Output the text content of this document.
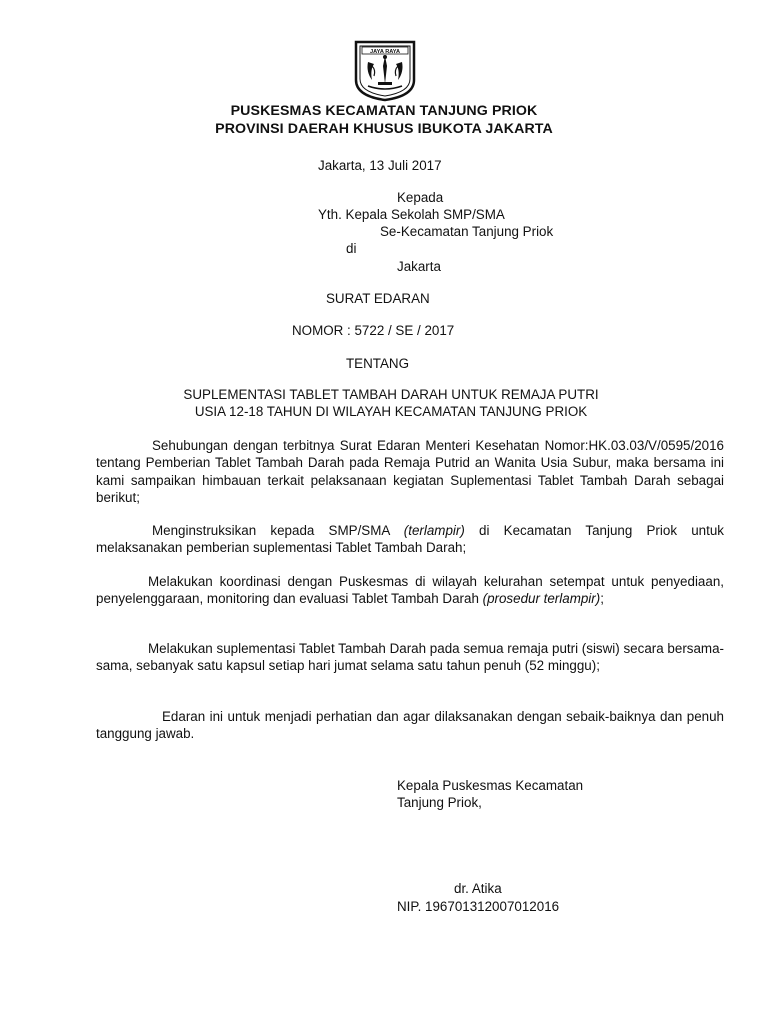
JAYA RAYA
PUSKESMAS KECAMATAN TANJUNG PRIOK
PROVINSI DAERAH KHUSUS IBUKOTA JAKARTA
Jakarta, 13 Juli 2017
Kepada
Yth. Kepala Sekolah SMP/SMA
Se-Kecamatan Tanjung Priok
di
Jakarta
SURAT EDARAN
NOMOR : 5722 / SE / 2017
TENTANG
SUPLEMENTASI TABLET TAMBAH DARAH UNTUK REMAJA PUTRI
USIA 12-18 TAHUN DI WILAYAH KECAMATAN TANJUNG PRIOK
Sehubungan dengan terbitnya Surat Edaran Menteri Kesehatan Nomor:HK.03.03/V/0595/2016 tentang Pemberian Tablet Tambah Darah pada Remaja Putrid an Wanita Usia Subur, maka bersama ini kami sampaikan himbauan terkait pelaksanaan kegiatan Suplementasi Tablet Tambah Darah sebagai berikut;
Menginstruksikan kepada SMP/SMA (terlampir) di Kecamatan Tanjung Priok untuk melaksanakan pemberian suplementasi Tablet Tambah Darah;
Melakukan koordinasi dengan Puskesmas di wilayah kelurahan setempat untuk penyediaan, penyelenggaraan, monitoring dan evaluasi Tablet Tambah Darah (prosedur terlampir);
Melakukan suplementasi Tablet Tambah Darah pada semua remaja putri (siswi) secara bersama-sama, sebanyak satu kapsul setiap hari jumat selama satu tahun penuh (52 minggu);
Edaran ini untuk menjadi perhatian dan agar dilaksanakan dengan sebaik-baiknya dan penuh tanggung jawab.
Kepala Puskesmas Kecamatan
Tanjung Priok,
dr. Atika
NIP. 196701312007012016
